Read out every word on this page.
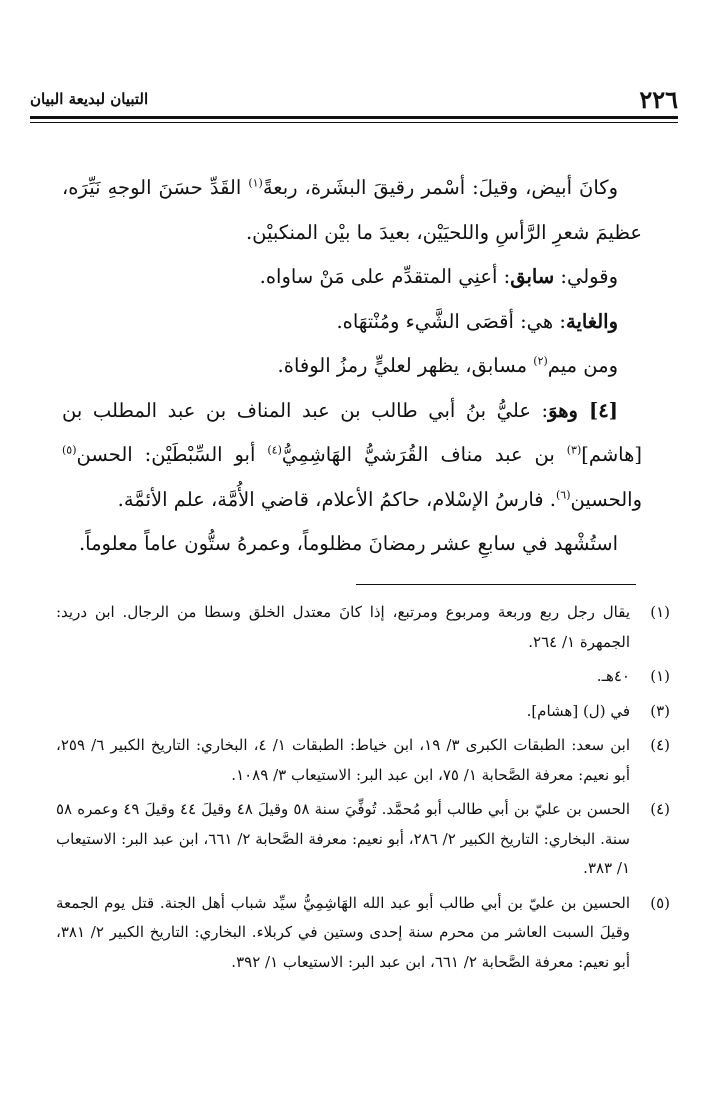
٢٢٦
التبيان لبديعة البيان

وكانَ أبيض، وقيلَ: أسْمر رقيقَ البشَرة، ربعةً$^{(١)}$ القَدِّ حسَنَ الوجهِ نَيِّرَه، عظيمَ شعرِ الرَّأسِ واللحيَيْن، بعيدَ ما بيْن المنكبيْن.

وقولي: سابق: أعنِي المتقدِّم على مَنْ ساواه.

والغاية: هي: أقصَى الشَّيء ومُنْتهَاه.

ومن ميم$^{(٢)}$ مسابق، يظهر لعليٍّ رمزُ الوفاة.

[٤] وهوَ: عليُّ بنُ أبي طالب بن عبد المناف بن عبد المطلب بن [هاشم]$^{(٣)}$ بن عبد مناف القُرَشيُّ الهَاشِمِيُّ$^{(٤)}$ أبو السِّبْطَيْن: الحسن$^{(٥)}$ والحسين$^{(٦)}$. فارسُ الإسْلام، حاكمُ الأعلام، قاضي الأُمَّة، علم الأئمَّة.

استُشْهد في سابعِ عشر رمضانَ مظلوماً، وعمرهُ ستُّون عاماً معلوماً.

(١)
يقال رجل ربع وربعة ومربوع ومرتبع، إذا كانَ معتدل الخلق وسطا من الرجال. ابن دريد: الجمهرة ١/ ٢٦٤.
(١)
٤٠هـ.
(٣)
في (ل) [هشام].
(٤)
ابن سعد: الطبقات الكبرى ٣/ ١٩، ابن خياط: الطبقات ١/ ٤، البخاري: التاريخ الكبير ٦/ ٢٥٩، أبو نعيم: معرفة الصَّحابة ١/ ٧٥، ابن عبد البر: الاستيعاب ٣/ ١٠٨٩.
(٤)
الحسن بن عليّ بن أبي طالب أبو مُحمَّد. تُوفِّيَ سنة ٥٨ وقيلَ ٤٨ وقيلَ ٤٤ وقيلَ ٤٩ وعمره ٥٨ سنة. البخاري: التاريخ الكبير ٢/ ٢٨٦، أبو نعيم: معرفة الصَّحابة ٢/ ٦٦١، ابن عبد البر: الاستيعاب ١/ ٣٨٣.
(٥)
الحسين بن عليّ بن أبي طالب أبو عبد الله الهَاشِمِيُّ سيِّد شباب أهل الجنة. قتل يوم الجمعة وقيلَ السبت العاشر من محرم سنة إحدى وستين في كربلاء. البخاري: التاريخ الكبير ٢/ ٣٨١، أبو نعيم: معرفة الصَّحابة ٢/ ٦٦١، ابن عبد البر: الاستيعاب ١/ ٣٩٢.
